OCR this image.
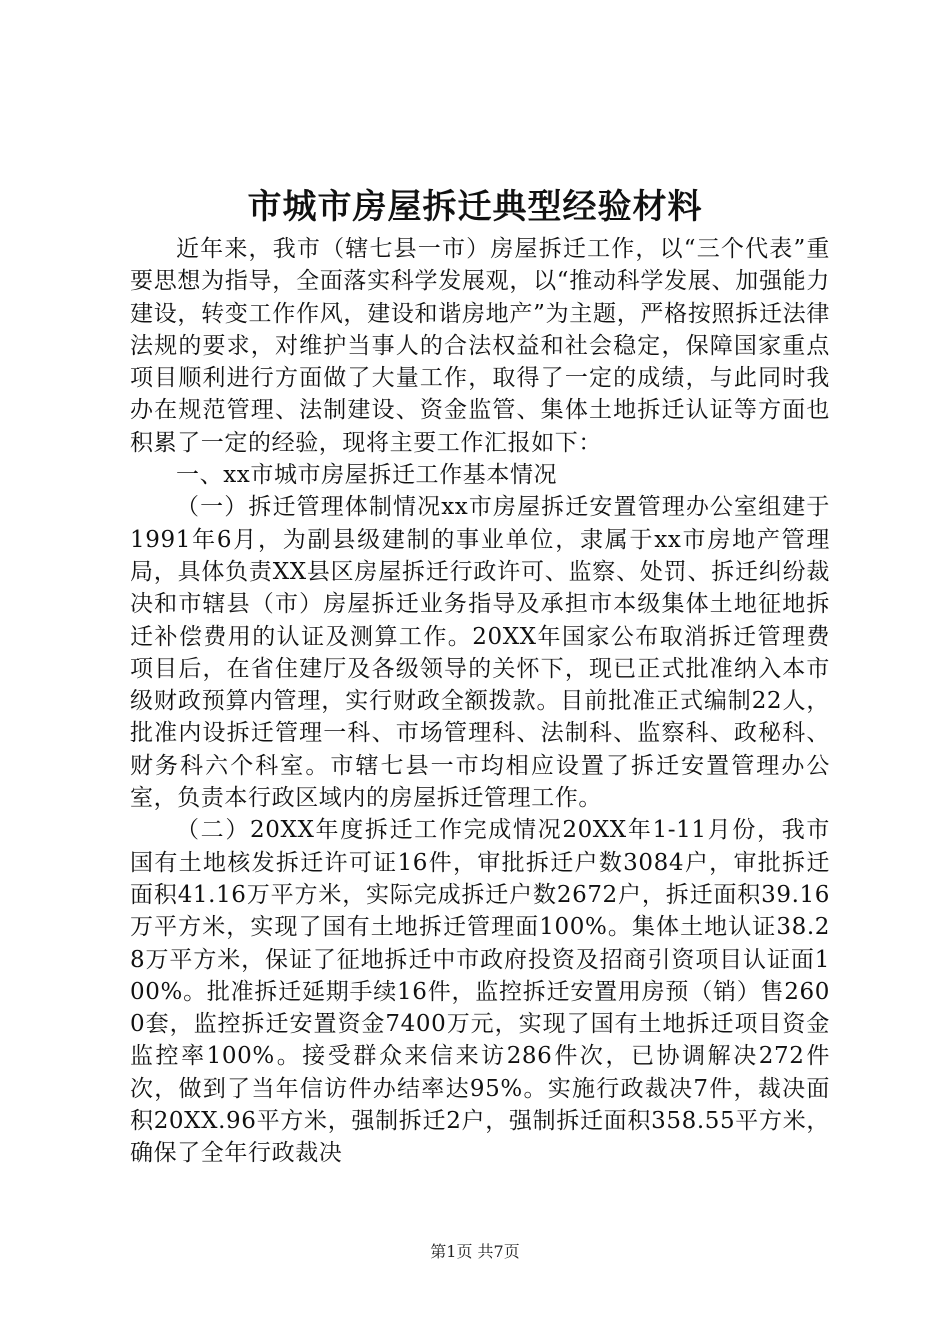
市城市房屋拆迁典型经验材料

近年来，我市（辖七县一市）房屋拆迁工作，以“三个代表”重要思想为指导，全面落实科学发展观，以“推动科学发展、加强能力建设，转变工作作风，建设和谐房地产”为主题，严格按照拆迁法律法规的要求，对维护当事人的合法权益和社会稳定，保障国家重点项目顺利进行方面做了大量工作，取得了一定的成绩，与此同时我办在规范管理、法制建设、资金监管、集体土地拆迁认证等方面也积累了一定的经验，现将主要工作汇报如下：

一、xx市城市房屋拆迁工作基本情况

（一）拆迁管理体制情况xx市房屋拆迁安置管理办公室组建于1991年6月，为副县级建制的事业单位，隶属于xx市房地产管理局，具体负责XX县区房屋拆迁行政许可、监察、处罚、拆迁纠纷裁决和市辖县（市）房屋拆迁业务指导及承担市本级集体土地征地拆迁补偿费用的认证及测算工作。20XX年国家公布取消拆迁管理费项目后，在省住建厅及各级领导的关怀下，现已正式批准纳入本市级财政预算内管理，实行财政全额拨款。目前批准正式编制22人，批准内设拆迁管理一科、市场管理科、法制科、监察科、政秘科、财务科六个科室。市辖七县一市均相应设置了拆迁安置管理办公室，负责本行政区域内的房屋拆迁管理工作。

（二）20XX年度拆迁工作完成情况20XX年1-11月份，我市国有土地核发拆迁许可证16件，审批拆迁户数3084户，审批拆迁面积41.16万平方米，实际完成拆迁户数2672户，拆迁面积39.16万平方米，实现了国有土地拆迁管理面100%。集体土地认证38.28万平方米，保证了征地拆迁中市政府投资及招商引资项目认证面100%。批准拆迁延期手续16件，监控拆迁安置用房预（销）售2600套，监控拆迁安置资金7400万元，实现了国有土地拆迁项目资金监控率100%。接受群众来信来访286件次，已协调解决272件次，做到了当年信访件办结率达95%。实施行政裁决7件，裁决面积20XX.96平方米，强制拆迁2户，强制拆迁面积358.55平方米，确保了全年行政裁决

第1页 共7页
